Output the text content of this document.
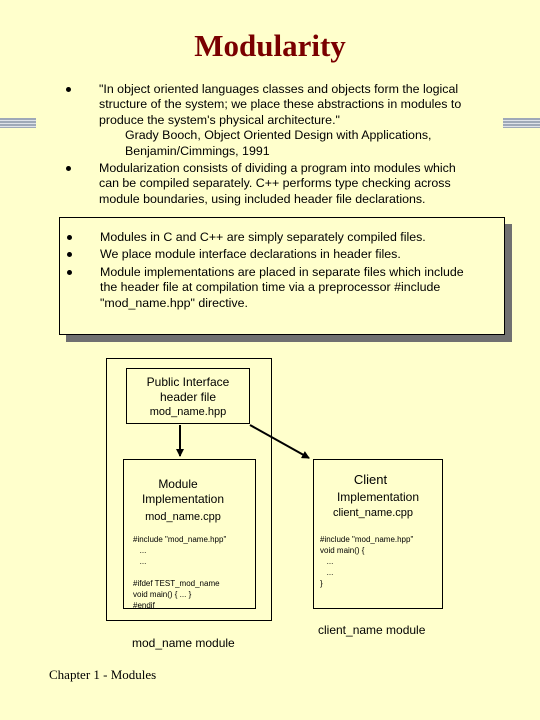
Modularity
"In object oriented languages classes and objects form the logical
structure of the system; we place these abstractions in modules to
produce the system's physical architecture."
Grady Booch, Object Oriented Design with Applications,
Benjamin/Cimmings, 1991
Modularization consists of dividing a program into modules which
can be compiled separately. C++ performs type checking across
module boundaries, using included header file declarations.
Modules in C and C++ are simply separately compiled files.
We place module interface declarations in header files.
Module implementations are placed in separate files which include
the header file at compilation time via a preprocessor #include
"mod_name.hpp" directive.
Public Interface
header file
mod_name.hpp
Module
Implementation
mod_name.cpp
#include "mod_name.hpp"
...
...
#ifdef TEST_mod_name
void main() { ... }
#endif
Client
Implementation
client_name.cpp
#include "mod_name.hpp"
void main() {
...
...
}
mod_name module
client_name module
Chapter 1 - Modules
